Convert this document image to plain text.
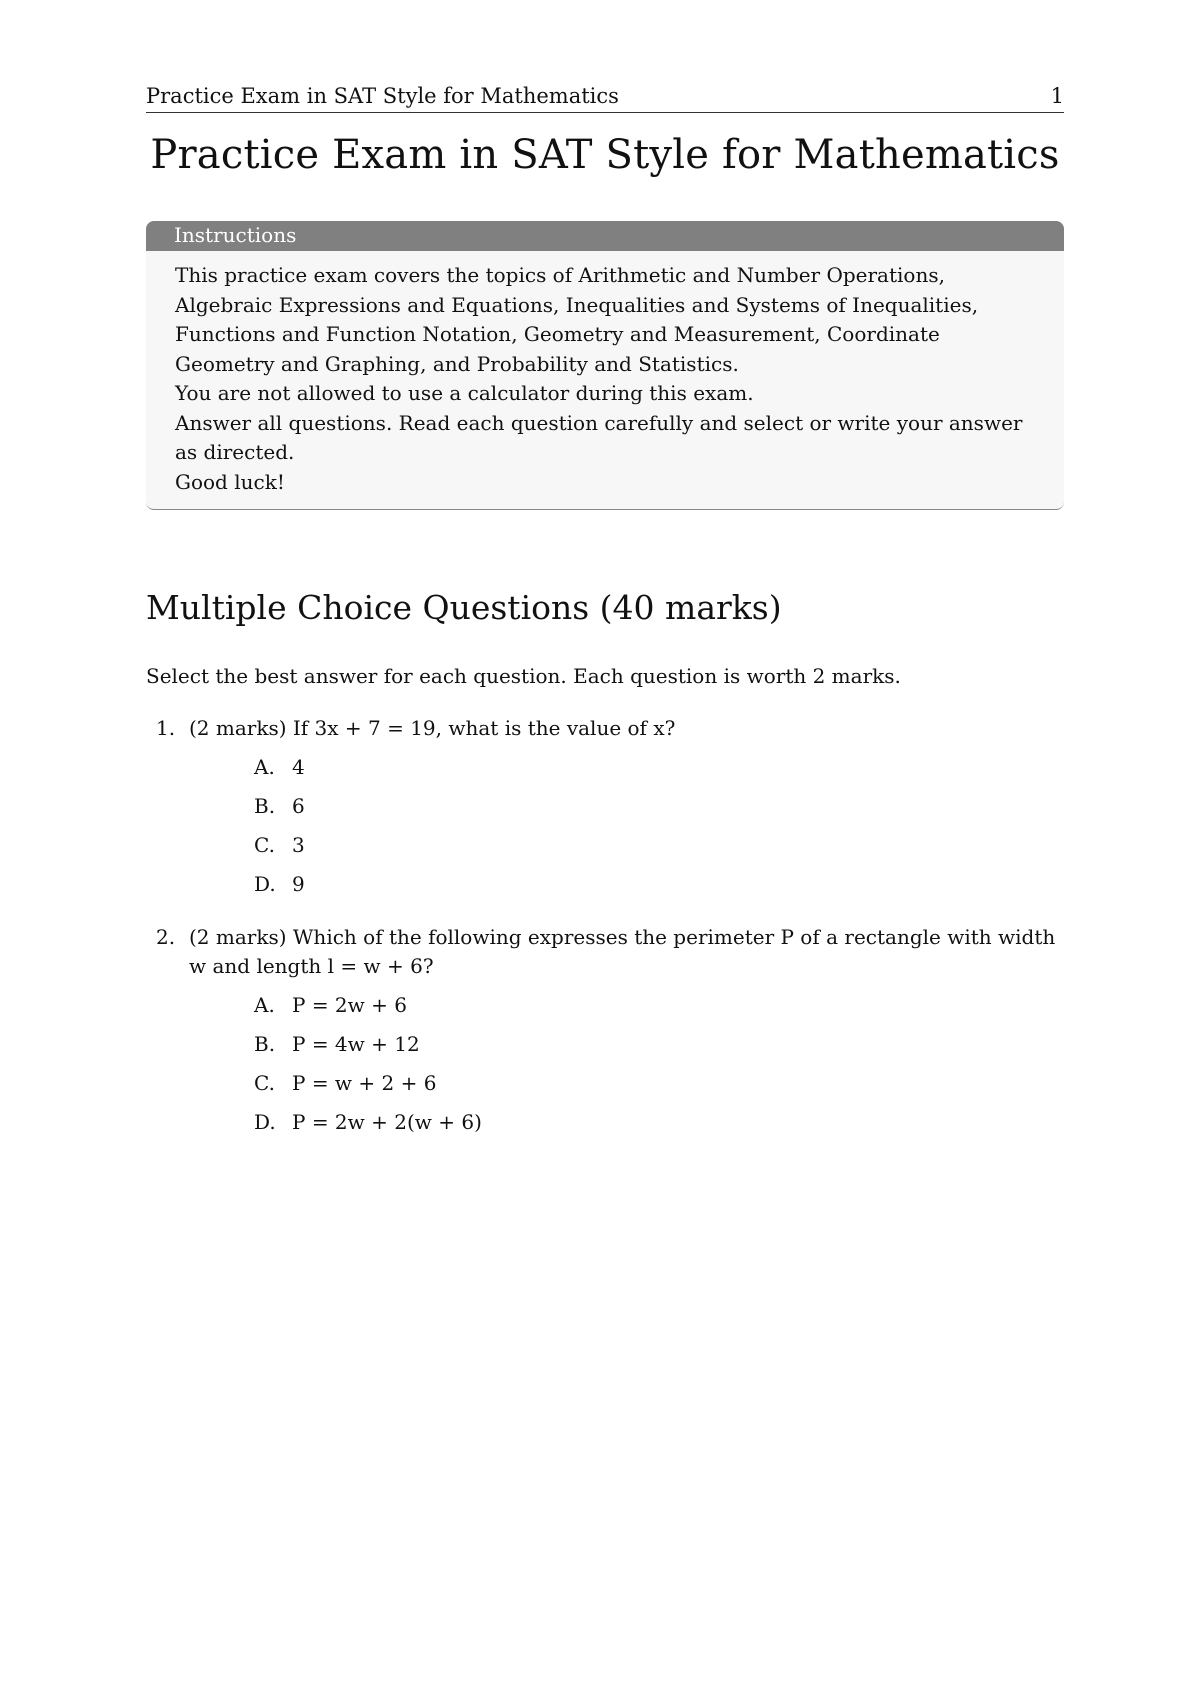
Practice Exam in SAT Style for Mathematics	1
Practice Exam in SAT Style for Mathematics
Instructions

This practice exam covers the topics of Arithmetic and Number Operations, Algebraic Expressions and Equations, Inequalities and Systems of Inequalities, Functions and Function Notation, Geometry and Measurement, Coordinate Geometry and Graphing, and Probability and Statistics.

You are not allowed to use a calculator during this exam.

Answer all questions. Read each question carefully and select or write your answer as directed.

Good luck!

Multiple Choice Questions (40 marks)

Select the best answer for each question. Each question is worth 2 marks.

1. (2 marks) If 3x + 7 = 19, what is the value of x?
A. 4
B. 6
C. 3
D. 9
2. (2 marks) Which of the following expresses the perimeter P of a rectangle with width w and length l = w + 6?
A. P = 2w + 6
B. P = 4w + 12
C. P = w + 2 + 6
D. P = 2w + 2(w + 6)
